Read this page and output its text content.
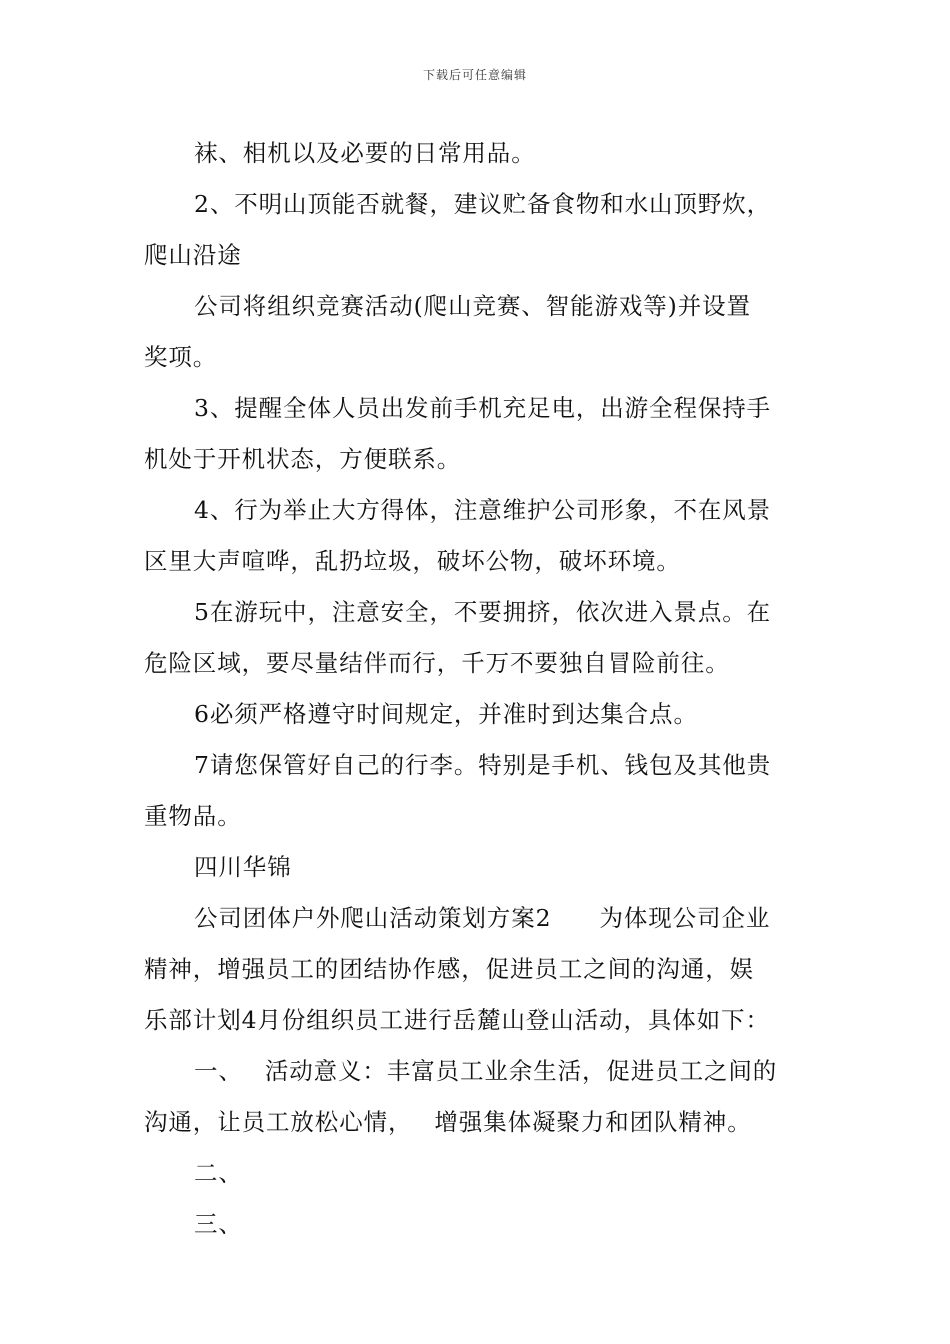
下载后可任意编辑
袜、相机以及必要的日常用品。
2、不明山顶能否就餐，建议贮备食物和水山顶野炊，
爬山沿途
公司将组织竞赛活动(爬山竞赛、智能游戏等)并设置
奖项。
3、提醒全体人员出发前手机充足电，出游全程保持手
机处于开机状态，方便联系。
4、行为举止大方得体，注意维护公司形象，不在风景
区里大声喧哗，乱扔垃圾，破坏公物，破坏环境。
5在游玩中，注意安全，不要拥挤，依次进入景点。在
危险区域，要尽量结伴而行，千万不要独自冒险前往。
6必须严格遵守时间规定，并准时到达集合点。
7请您保管好自己的行李。特别是手机、钱包及其他贵
重物品。
四川华锦
公司团体户外爬山活动策划方案2 为体现公司企业
精神，增强员工的团结协作感，促进员工之间的沟通，娱
乐部计划4月份组织员工进行岳麓山登山活动，具体如下：
一、 活动意义：丰富员工业余生活，促进员工之间的
沟通，让员工放松心情， 增强集体凝聚力和团队精神。
二、
三、
